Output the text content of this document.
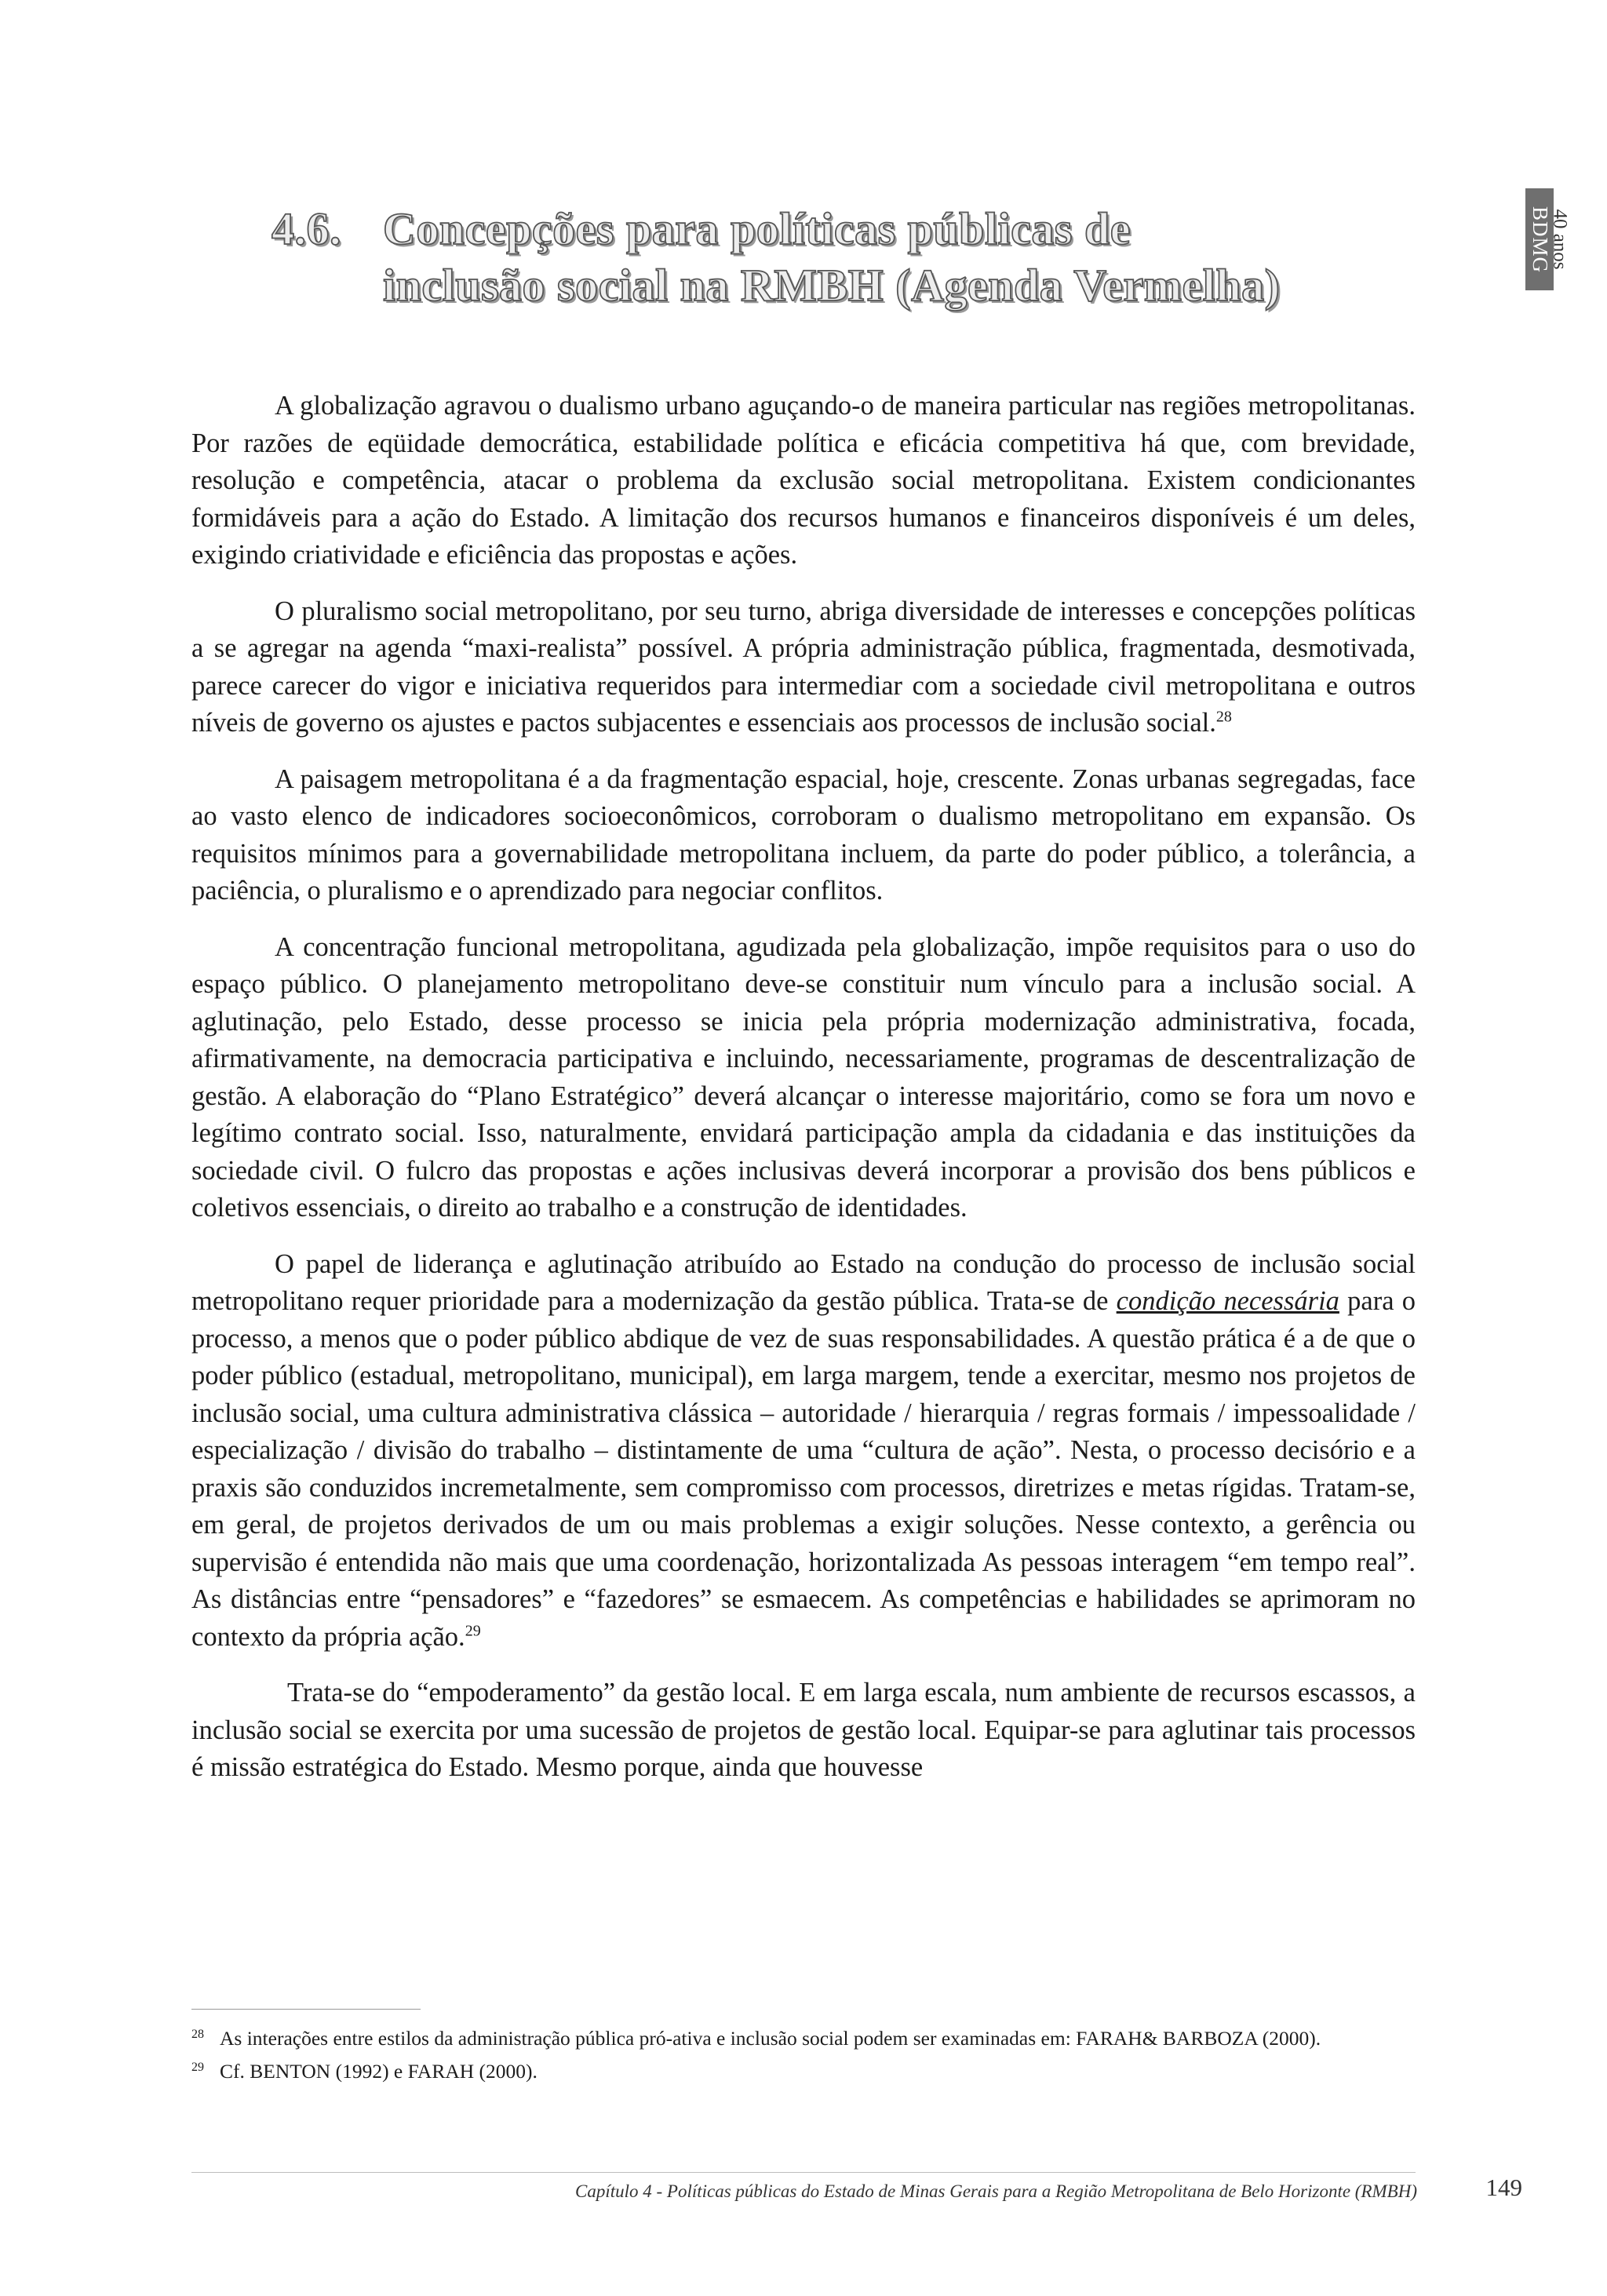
4.6. Concepções para políticas públicas de
inclusão social na RMBH (Agenda Vermelha)
BDMG
40 anos

A globalização agravou o dualismo urbano aguçando-o de maneira particular nas regiões metropolitanas. Por razões de eqüidade democrática, estabilidade política e eficácia competitiva há que, com brevidade, resolução e competência, atacar o problema da exclusão social metropolitana. Existem condicionantes formidáveis para a ação do Estado. A limitação dos recursos humanos e financeiros disponíveis é um deles, exigindo criatividade e eficiência das propostas e ações.

O pluralismo social metropolitano, por seu turno, abriga diversidade de interesses e concepções políticas a se agregar na agenda “maxi-realista” possível. A própria administração pública, fragmentada, desmotivada, parece carecer do vigor e iniciativa requeridos para intermediar com a sociedade civil metropolitana e outros níveis de governo os ajustes e pactos subjacentes e essenciais aos processos de inclusão social.$^{28}$

A paisagem metropolitana é a da fragmentação espacial, hoje, crescente. Zonas urbanas segregadas, face ao vasto elenco de indicadores socioeconômicos, corroboram o dualismo metropolitano em expansão. Os requisitos mínimos para a governabilidade metropolitana incluem, da parte do poder público, a tolerância, a paciência, o pluralismo e o aprendizado para negociar conflitos.

A concentração funcional metropolitana, agudizada pela globalização, impõe requisitos para o uso do espaço público. O planejamento metropolitano deve-se constituir num vínculo para a inclusão social. A aglutinação, pelo Estado, desse processo se inicia pela própria modernização administrativa, focada, afirmativamente, na democracia participativa e incluindo, necessariamente, programas de descentralização de gestão. A elaboração do “Plano Estratégico” deverá alcançar o interesse majoritário, como se fora um novo e legítimo contrato social. Isso, naturalmente, envidará participação ampla da cidadania e das instituições da sociedade civil. O fulcro das propostas e ações inclusivas deverá incorporar a provisão dos bens públicos e coletivos essenciais, o direito ao trabalho e a construção de identidades.

O papel de liderança e aglutinação atribuído ao Estado na condução do processo de inclusão social metropolitano requer prioridade para a modernização da gestão pública. Trata-se de condição necessária para o processo, a menos que o poder público abdique de vez de suas responsabilidades. A questão prática é a de que o poder público (estadual, metropolitano, municipal), em larga margem, tende a exercitar, mesmo nos projetos de inclusão social, uma cultura administrativa clássica – autoridade / hierarquia / regras formais / impessoalidade / especialização / divisão do trabalho – distintamente de uma “cultura de ação”. Nesta, o processo decisório e a praxis são conduzidos incremetalmente, sem compromisso com processos, diretrizes e metas rígidas. Tratam-se, em geral, de projetos derivados de um ou mais problemas a exigir soluções. Nesse contexto, a gerência ou supervisão é entendida não mais que uma coordenação, horizontalizada As pessoas interagem “em tempo real”. As distâncias entre “pensadores” e “fazedores” se esmaecem. As competências e habilidades se aprimoram no contexto da própria ação.$^{29}$

Trata-se do “empoderamento” da gestão local. E em larga escala, num ambiente de recursos escassos, a inclusão social se exercita por uma sucessão de projetos de gestão local. Equipar-se para aglutinar tais processos é missão estratégica do Estado. Mesmo porque, ainda que houvesse

28 As interações entre estilos da administração pública pró-ativa e inclusão social podem ser examinadas em: FARAH& BARBOZA (2000).
29 Cf. BENTON (1992) e FARAH (2000).
Capítulo 4 - Políticas públicas do Estado de Minas Gerais para a Região Metropolitana de Belo Horizonte (RMBH)	149
